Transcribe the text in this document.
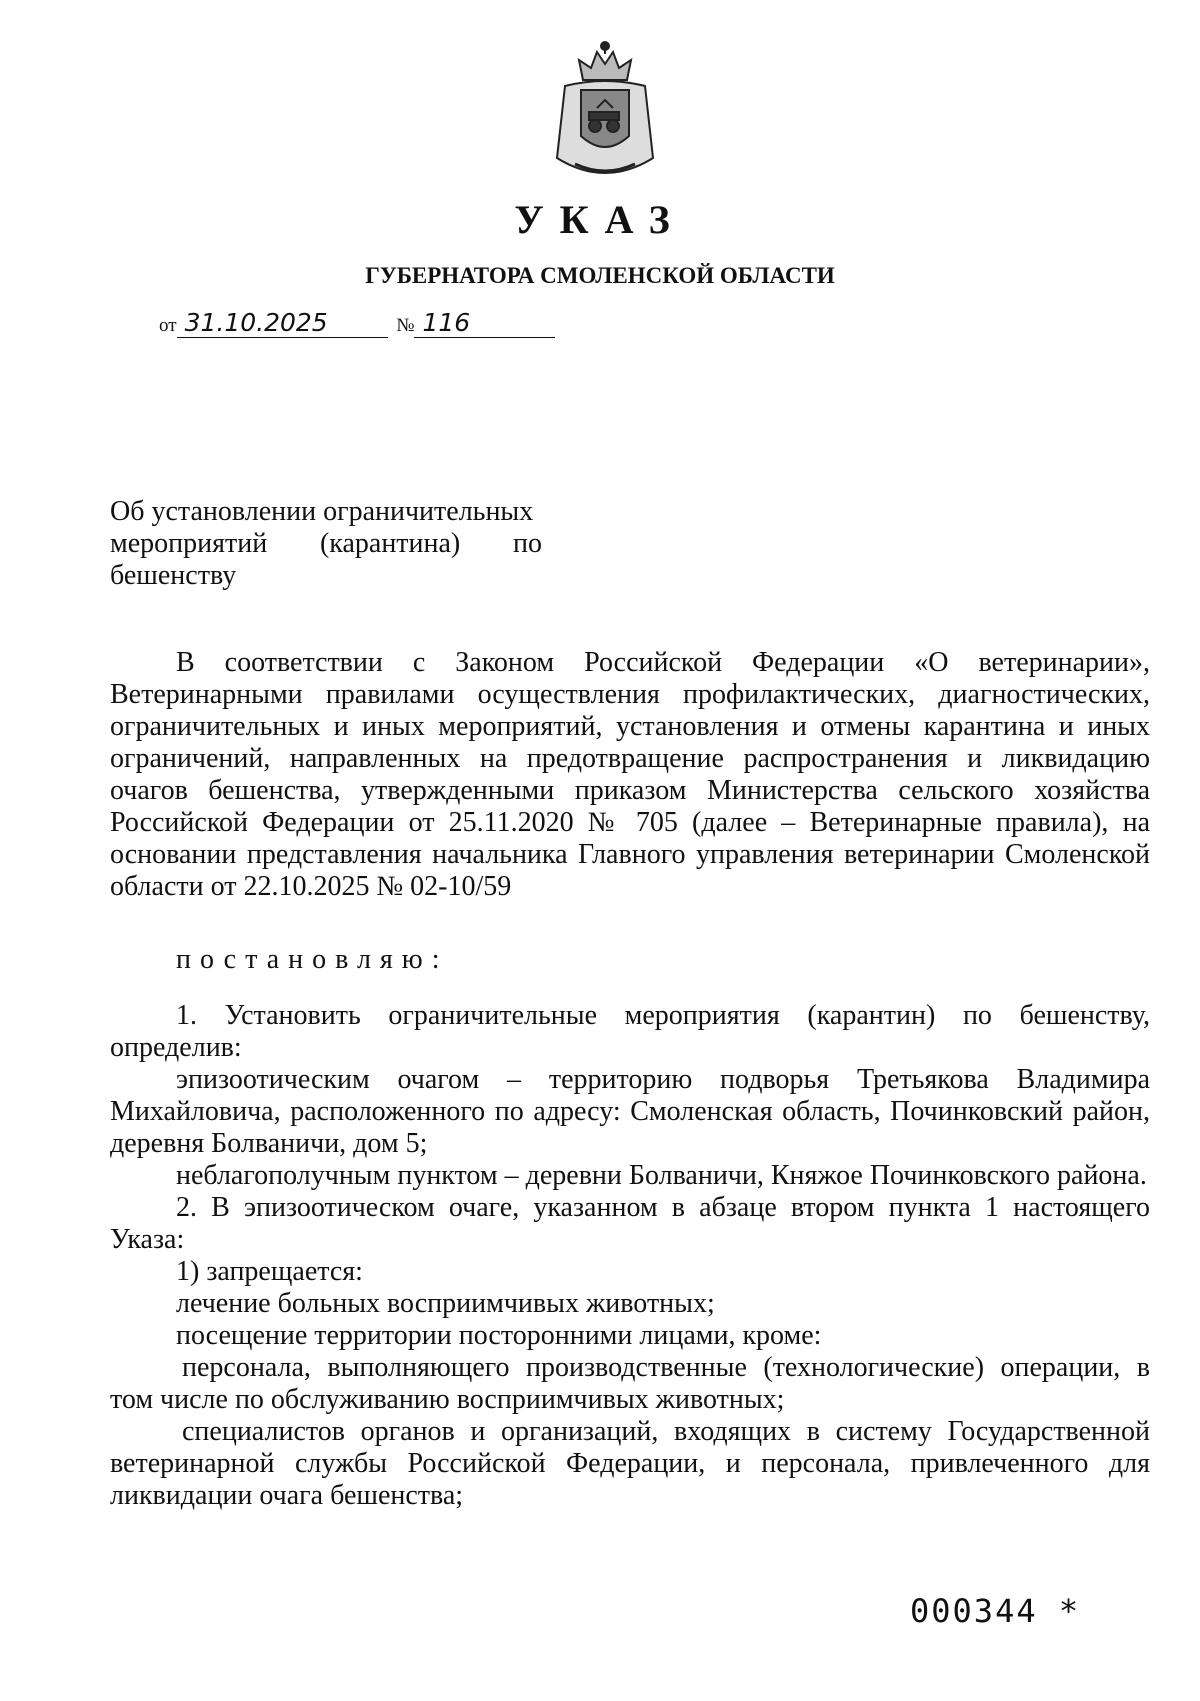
УКАЗ
ГУБЕРНАТОРА СМОЛЕНСКОЙ ОБЛАСТИ
от 31.10.2025	№ 116
Об установлении ограничительных
мероприятий (карантина) по
бешенству

В соответствии с Законом Российской Федерации «О ветеринарии», Ветеринарными правилами осуществления профилактических, диагностических, ограничительных и иных мероприятий, установления и отмены карантина и иных ограничений, направленных на предотвращение распространения и ликвидацию очагов бешенства, утвержденными приказом Министерства сельского хозяйства Российской Федерации от 25.11.2020 № 705 (далее – Ветеринарные правила), на основании представления начальника Главного управления ветеринарии Смоленской области от 22.10.2025 № 02-10/59

постановляю:

1. Установить ограничительные мероприятия (карантин) по бешенству, определив:

эпизоотическим очагом – территорию подворья Третьякова Владимира Михайловича, расположенного по адресу: Смоленская область, Починковский район, деревня Болваничи, дом 5;

неблагополучным пунктом – деревни Болваничи, Княжое Починковского района.

2. В эпизоотическом очаге, указанном в абзаце втором пункта 1 настоящего Указа:

1) запрещается:

лечение больных восприимчивых животных;

посещение территории посторонними лицами, кроме:

персонала, выполняющего производственные (технологические) операции, в том числе по обслуживанию восприимчивых животных;

специалистов органов и организаций, входящих в систему Государственной ветеринарной службы Российской Федерации, и персонала, привлеченного для ликвидации очага бешенства;

000344 *
